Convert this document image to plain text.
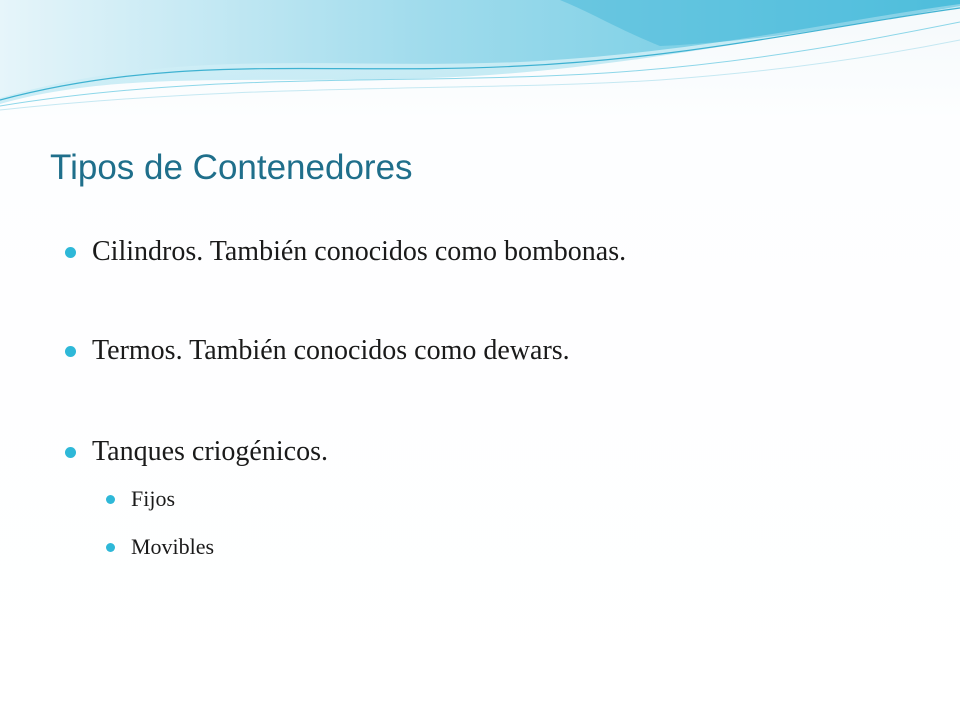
Tipos de Contenedores
Cilindros. También conocidos como bombonas.
Termos. También conocidos como dewars.
Tanques criogénicos.
Fijos
Movibles
